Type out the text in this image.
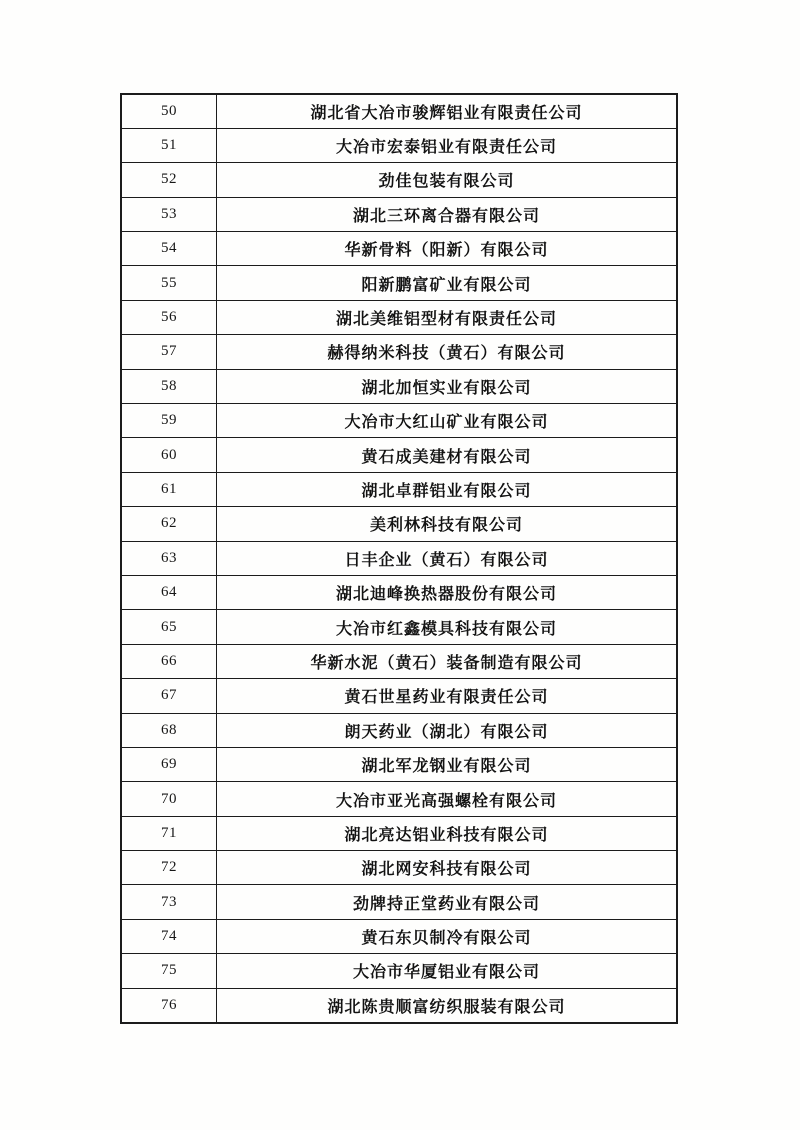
50	湖北省大冶市骏辉铝业有限责任公司
51	大冶市宏泰铝业有限责任公司
52	劲佳包装有限公司
53	湖北三环离合器有限公司
54	华新骨料（阳新）有限公司
55	阳新鹏富矿业有限公司
56	湖北美维铝型材有限责任公司
57	赫得纳米科技（黄石）有限公司
58	湖北加恒实业有限公司
59	大冶市大红山矿业有限公司
60	黄石成美建材有限公司
61	湖北卓群铝业有限公司
62	美利林科技有限公司
63	日丰企业（黄石）有限公司
64	湖北迪峰换热器股份有限公司
65	大冶市红鑫模具科技有限公司
66	华新水泥（黄石）装备制造有限公司
67	黄石世星药业有限责任公司
68	朗天药业（湖北）有限公司
69	湖北军龙钢业有限公司
70	大冶市亚光高强螺栓有限公司
71	湖北亮达铝业科技有限公司
72	湖北网安科技有限公司
73	劲牌持正堂药业有限公司
74	黄石东贝制冷有限公司
75	大冶市华厦铝业有限公司
76	湖北陈贵顺富纺织服装有限公司
